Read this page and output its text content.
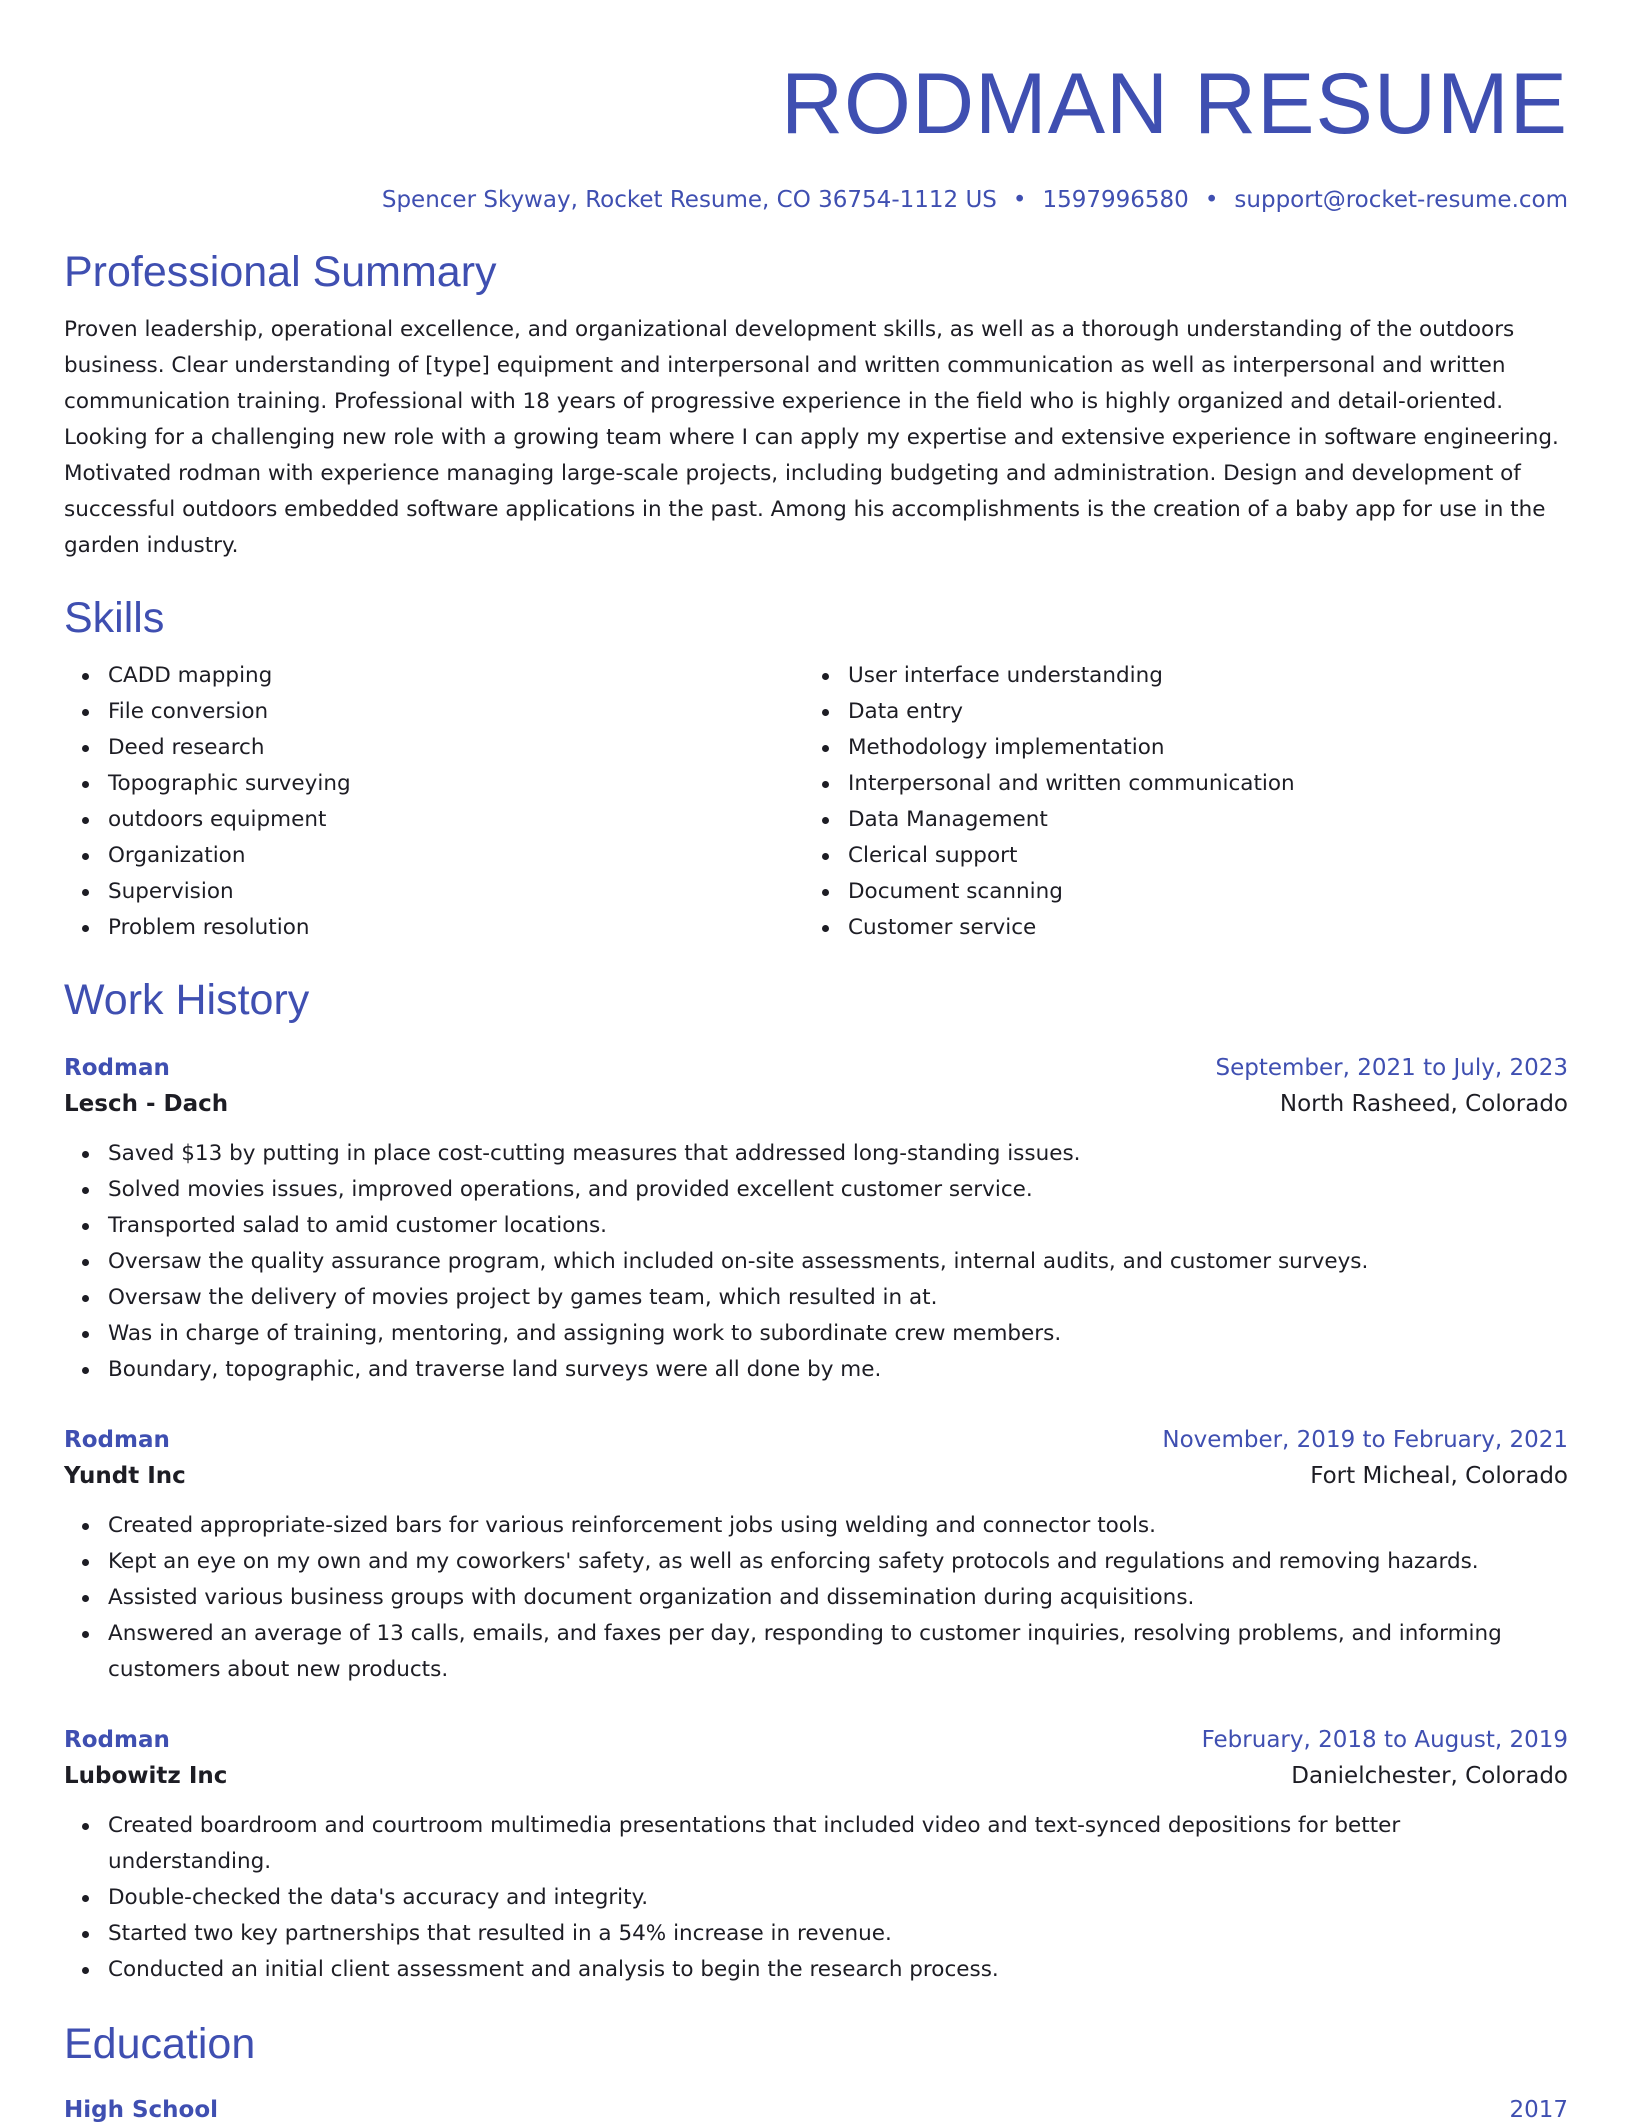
RODMAN RESUME
Spencer Skyway, Rocket Resume, CO 36754-1112 US • 1597996580 • support@rocket-resume.com
Professional Summary

Proven leadership, operational excellence, and organizational development skills, as well as a thorough understanding of the outdoors business. Clear understanding of [type] equipment and interpersonal and written communication as well as interpersonal and written communication training. Professional with 18 years of progressive experience in the field who is highly organized and detail-oriented. Looking for a challenging new role with a growing team where I can apply my expertise and extensive experience in software engineering. Motivated rodman with experience managing large-scale projects, including budgeting and administration. Design and development of successful outdoors embedded software applications in the past. Among his accomplishments is the creation of a baby app for use in the garden industry.

Skills
CADD mapping
File conversion
Deed research
Topographic surveying
outdoors equipment
Organization
Supervision
Problem resolution
User interface understanding
Data entry
Methodology implementation
Interpersonal and written communication
Data Management
Clerical support
Document scanning
Customer service
Work History
Rodman	September, 2021 to July, 2023
Lesch - Dach	North Rasheed, Colorado
Saved $13 by putting in place cost-cutting measures that addressed long-standing issues.
Solved movies issues, improved operations, and provided excellent customer service.
Transported salad to amid customer locations.
Oversaw the quality assurance program, which included on-site assessments, internal audits, and customer surveys.
Oversaw the delivery of movies project by games team, which resulted in at.
Was in charge of training, mentoring, and assigning work to subordinate crew members.
Boundary, topographic, and traverse land surveys were all done by me.
Rodman	November, 2019 to February, 2021
Yundt Inc	Fort Micheal, Colorado
Created appropriate-sized bars for various reinforcement jobs using welding and connector tools.
Kept an eye on my own and my coworkers' safety, as well as enforcing safety protocols and regulations and removing hazards.
Assisted various business groups with document organization and dissemination during acquisitions.
Answered an average of 13 calls, emails, and faxes per day, responding to customer inquiries, resolving problems, and informing customers about new products.
Rodman	February, 2018 to August, 2019
Lubowitz Inc	Danielchester, Colorado
Created boardroom and courtroom multimedia presentations that included video and text-synced depositions for better understanding.
Double-checked the data's accuracy and integrity.
Started two key partnerships that resulted in a 54% increase in revenue.
Conducted an initial client assessment and analysis to begin the research process.
Education
High School	2017
